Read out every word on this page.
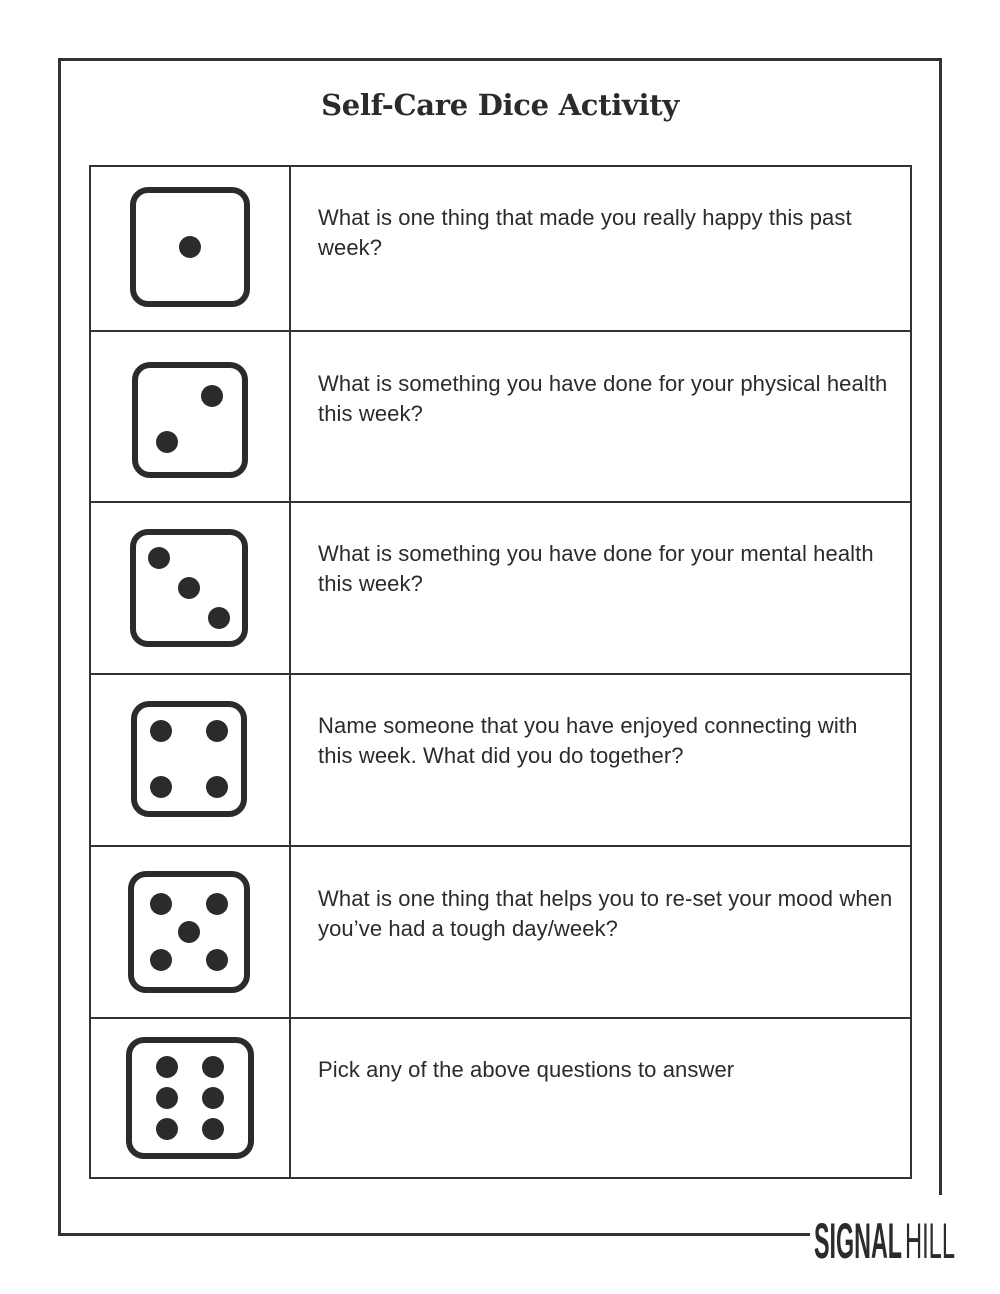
Self-Care Dice Activity
What is one thing that made you really happy this past week?
What is something you have done for your physical health this week?
What is something you have done for your mental health this week?
Name someone that you have enjoyed connecting with this week. What did you do together?
What is one thing that helps you to re-set your mood when you’ve had a tough day/week?
Pick any of the above questions to answer
SIGNAL HILL
